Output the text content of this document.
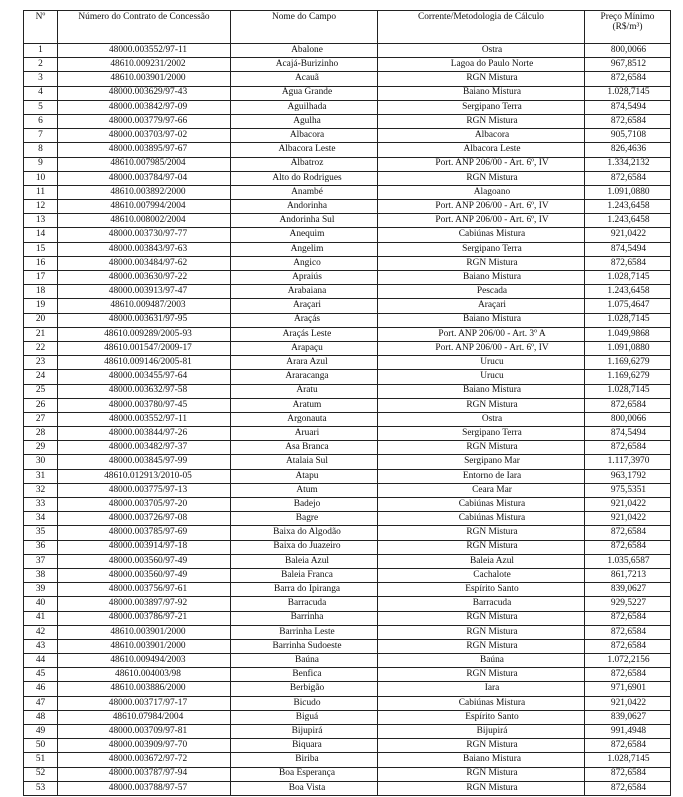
Nº	Número do Contrato de Concessão	Nome do Campo	Corrente/Metodologia de Cálculo	Preço Mínimo
(R$/m³)

1	48000.003552/97-11	Abalone	Ostra	800,0066
2	48610.009231/2002	Acajá-Burizinho	Lagoa do Paulo Norte	967,8512
3	48610.003901/2000	Acauã	RGN Mistura	872,6584
4	48000.003629/97-43	Água Grande	Baiano Mistura	1.028,7145
5	48000.003842/97-09	Aguilhada	Sergipano Terra	874,5494
6	48000.003779/97-66	Agulha	RGN Mistura	872,6584
7	48000.003703/97-02	Albacora	Albacora	905,7108
8	48000.003895/97-67	Albacora Leste	Albacora Leste	826,4636
9	48610.007985/2004	Albatroz	Port. ANP 206/00 - Art. 6º, IV	1.334,2132
10	48000.003784/97-04	Alto do Rodrigues	RGN Mistura	872,6584
11	48610.003892/2000	Anambé	Alagoano	1.091,0880
12	48610.007994/2004	Andorinha	Port. ANP 206/00 - Art. 6º, IV	1.243,6458
13	48610.008002/2004	Andorinha Sul	Port. ANP 206/00 - Art. 6º, IV	1.243,6458
14	48000.003730/97-77	Anequim	Cabiúnas Mistura	921,0422
15	48000.003843/97-63	Angelim	Sergipano Terra	874,5494
16	48000.003484/97-62	Angico	RGN Mistura	872,6584
17	48000.003630/97-22	Apraiús	Baiano Mistura	1.028,7145
18	48000.003913/97-47	Arabaiana	Pescada	1.243,6458
19	48610.009487/2003	Araçari	Araçari	1.075,4647
20	48000.003631/97-95	Araçás	Baiano Mistura	1.028,7145
21	48610.009289/2005-93	Araçás Leste	Port. ANP 206/00 - Art. 3º A	1.049,9868
22	48610.001547/2009-17	Arapaçu	Port. ANP 206/00 - Art. 6º, IV	1.091,0880
23	48610.009146/2005-81	Arara Azul	Urucu	1.169,6279
24	48000.003455/97-64	Araracanga	Urucu	1.169,6279
25	48000.003632/97-58	Aratu	Baiano Mistura	1.028,7145
26	48000.003780/97-45	Aratum	RGN Mistura	872,6584
27	48000.003552/97-11	Argonauta	Ostra	800,0066
28	48000.003844/97-26	Aruari	Sergipano Terra	874,5494
29	48000.003482/97-37	Asa Branca	RGN Mistura	872,6584
30	48000.003845/97-99	Atalaia Sul	Sergipano Mar	1.117,3970
31	48610.012913/2010-05	Atapu	Entorno de Iara	963,1792
32	48000.003775/97-13	Atum	Ceara Mar	975,5351
33	48000.003705/97-20	Badejo	Cabiúnas Mistura	921,0422
34	48000.003726/97-08	Bagre	Cabiúnas Mistura	921,0422
35	48000.003785/97-69	Baixa do Algodão	RGN Mistura	872,6584
36	48000.003914/97-18	Baixa do Juazeiro	RGN Mistura	872,6584
37	48000.003560/97-49	Baleia Azul	Baleia Azul	1.035,6587
38	48000.003560/97-49	Baleia Franca	Cachalote	861,7213
39	48000.003756/97-61	Barra do Ipiranga	Espírito Santo	839,0627
40	48000.003897/97-92	Barracuda	Barracuda	929,5227
41	48000.003786/97-21	Barrinha	RGN Mistura	872,6584
42	48610.003901/2000	Barrinha Leste	RGN Mistura	872,6584
43	48610.003901/2000	Barrinha Sudoeste	RGN Mistura	872,6584
44	48610.009494/2003	Baúna	Baúna	1.072,2156
45	48610.004003/98	Benfica	RGN Mistura	872,6584
46	48610.003886/2000	Berbigão	Iara	971,6901
47	48000.003717/97-17	Bicudo	Cabiúnas Mistura	921,0422
48	48610.07984/2004	Biguá	Espírito Santo	839,0627
49	48000.003709/97-81	Bijupirá	Bijupirá	991,4948
50	48000.003909/97-70	Biquara	RGN Mistura	872,6584
51	48000.003672/97-72	Biriba	Baiano Mistura	1.028,7145
52	48000.003787/97-94	Boa Esperança	RGN Mistura	872,6584
53	48000.003788/97-57	Boa Vista	RGN Mistura	872,6584
